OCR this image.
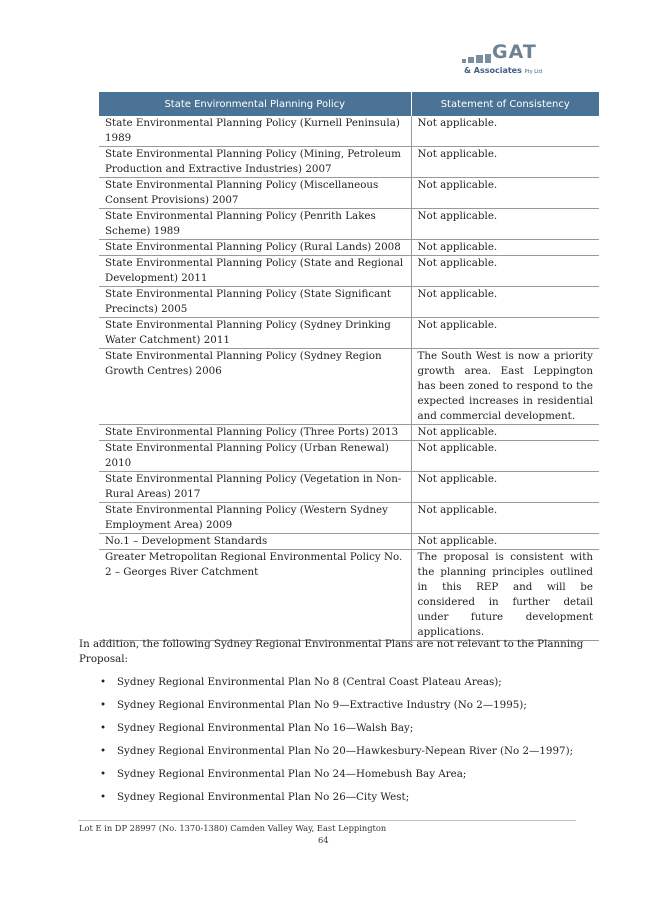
GAT
& Associates Pty Ltd
State Environmental Planning Policy	Statement of Consistency
State Environmental Planning Policy (Kurnell Peninsula) 1989	Not applicable.
State Environmental Planning Policy (Mining, Petroleum Production and Extractive Industries) 2007	Not applicable.
State Environmental Planning Policy (Miscellaneous Consent Provisions) 2007	Not applicable.
State Environmental Planning Policy (Penrith Lakes Scheme) 1989	Not applicable.
State Environmental Planning Policy (Rural Lands) 2008	Not applicable.
State Environmental Planning Policy (State and Regional Development) 2011	Not applicable.
State Environmental Planning Policy (State Significant Precincts) 2005	Not applicable.
State Environmental Planning Policy (Sydney Drinking Water Catchment) 2011	Not applicable.
State Environmental Planning Policy (Sydney Region Growth Centres) 2006	The South West is now a priority growth area. East Leppington has been zoned to respond to the expected increases in residential and commercial development.
State Environmental Planning Policy (Three Ports) 2013	Not applicable.
State Environmental Planning Policy (Urban Renewal) 2010	Not applicable.
State Environmental Planning Policy (Vegetation in Non-Rural Areas) 2017	Not applicable.
State Environmental Planning Policy (Western Sydney Employment Area) 2009	Not applicable.
No.1 – Development Standards	Not applicable.
Greater Metropolitan Regional Environmental Policy No. 2 – Georges River Catchment	The proposal is consistent with the planning principles outlined in this REP and will be considered in further detail under future development applications.

In addition, the following Sydney Regional Environmental Plans are not relevant to the Planning Proposal:

• Sydney Regional Environmental Plan No 8 (Central Coast Plateau Areas);
• Sydney Regional Environmental Plan No 9—Extractive Industry (No 2—1995);
• Sydney Regional Environmental Plan No 16—Walsh Bay;
• Sydney Regional Environmental Plan No 20—Hawkesbury-Nepean River (No 2—1997);
• Sydney Regional Environmental Plan No 24—Homebush Bay Area;
• Sydney Regional Environmental Plan No 26—City West;
Lot E in DP 28997 (No. 1370-1380) Camden Valley Way, East Leppington
64
